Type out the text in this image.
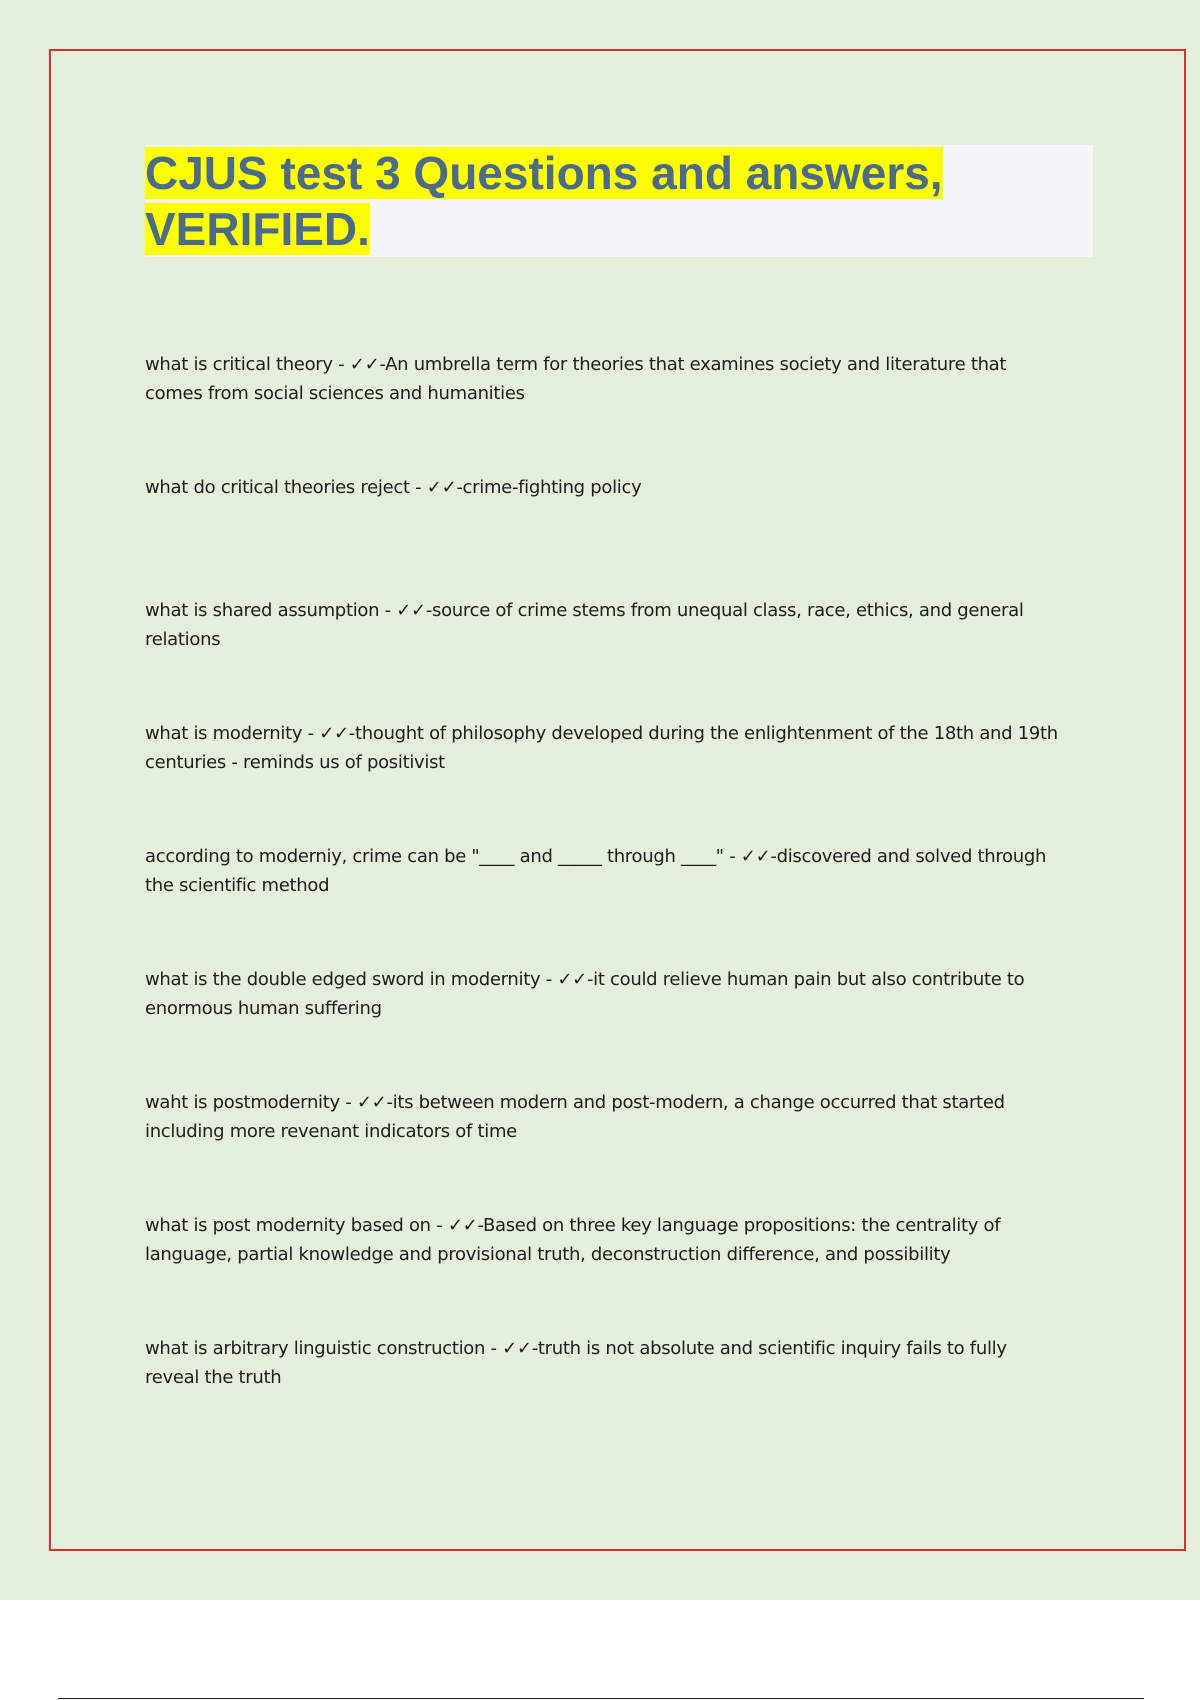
CJUS test 3 Questions and answers, VERIFIED.
what is critical theory - ✓✓-An umbrella term for theories that examines society and literature that comes from social sciences and humanities
what do critical theories reject - ✓✓-crime-fighting policy
what is shared assumption - ✓✓-source of crime stems from unequal class, race, ethics, and general relations
what is modernity - ✓✓-thought of philosophy developed during the enlightenment of the 18th and 19th centuries - reminds us of positivist
according to moderniy, crime can be "____ and _____ through ____" - ✓✓-discovered and solved through the scientific method
what is the double edged sword in modernity - ✓✓-it could relieve human pain but also contribute to enormous human suffering
waht is postmodernity - ✓✓-its between modern and post-modern, a change occurred that started including more revenant indicators of time
what is post modernity based on - ✓✓-Based on three key language propositions: the centrality of language, partial knowledge and provisional truth, deconstruction difference, and possibility
what is arbitrary linguistic construction - ✓✓-truth is not absolute and scientific inquiry fails to fully reveal the truth
